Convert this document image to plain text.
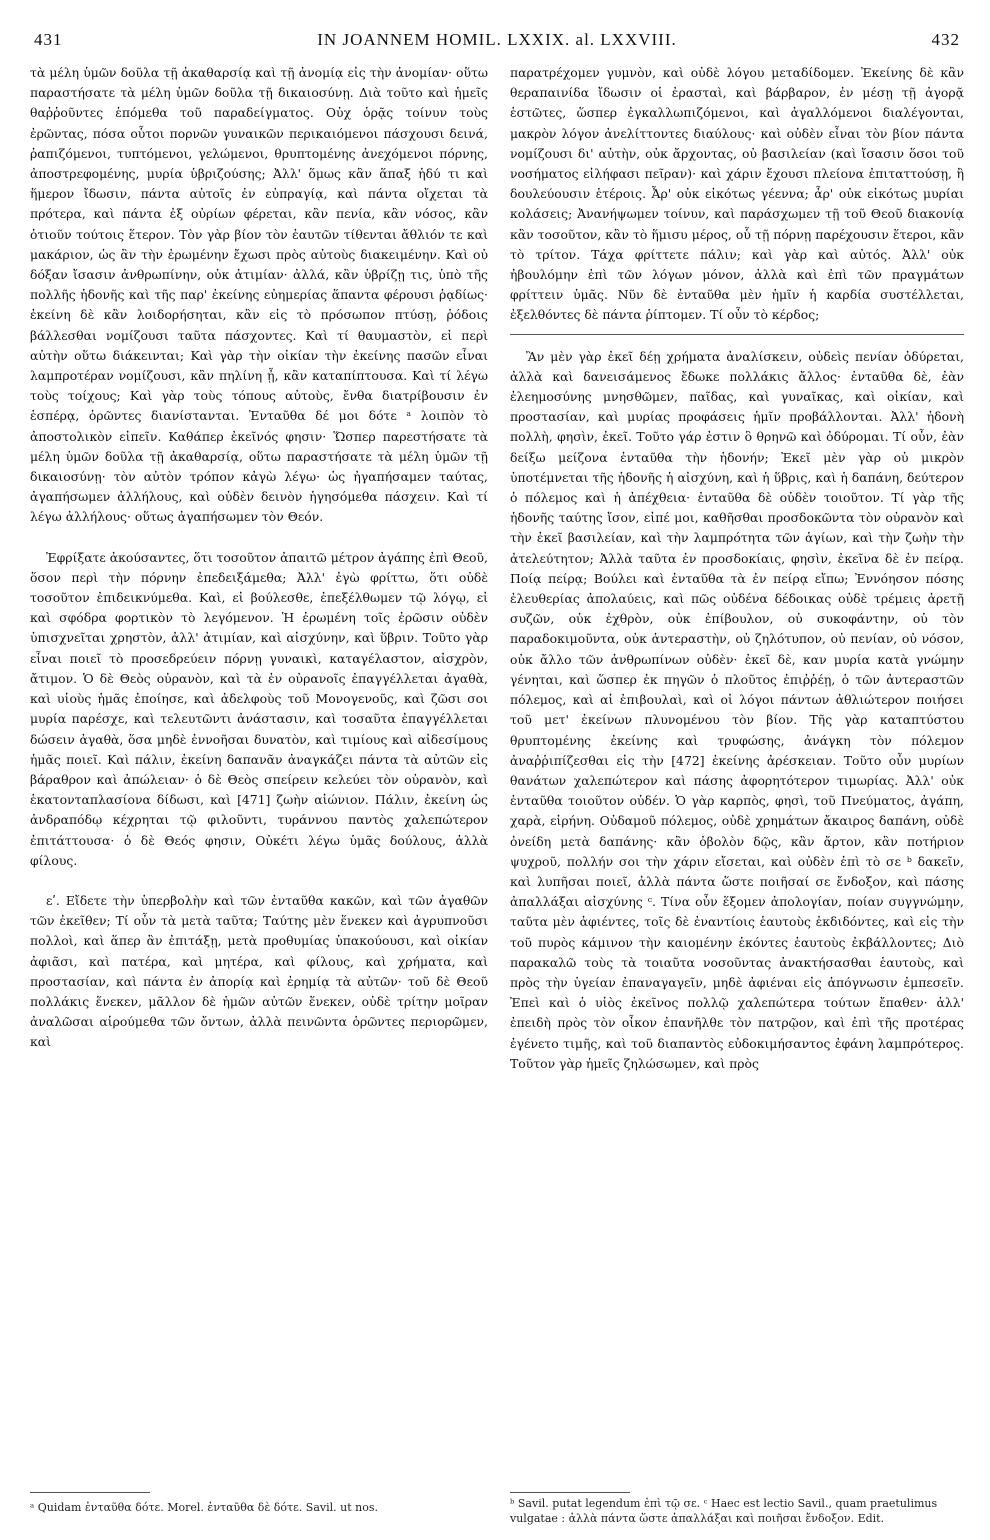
431	IN JOANNEM HOMIL. LXXIX. al. LXXVIII.	432

τὰ μέλη ὑμῶν δοῦλα τῇ ἀκαθαρσίᾳ καὶ τῇ ἀνομίᾳ εἰς τὴν ἀνομίαν· οὕτω παραστήσατε τὰ μέλη ὑμῶν δοῦλα τῇ δικαιοσύνῃ. Διὰ τοῦτο καὶ ἡμεῖς θαῤῥοῦντες ἑπόμεθα τοῦ παραδείγματος. Οὐχ ὁρᾷς τοίνυν τοὺς ἐρῶντας, πόσα οὗτοι πορνῶν γυναικῶν περικαιόμενοι πάσχουσι δεινά, ῥαπιζόμενοι, τυπτόμενοι, γελώμενοι, θρυπτομένης ἀνεχόμενοι πόρνης, ἀποστρεφομένης, μυρία ὑβριζούσης; Ἀλλ' ὅμως κἂν ἅπαξ ἡδύ τι καὶ ἥμερον ἴδωσιν, πάντα αὐτοῖς ἐν εὐπραγίᾳ, καὶ πάντα οἴχεται τὰ πρότερα, καὶ πάντα ἐξ οὐρίων φέρεται, κἂν πενία, κἂν νόσος, κἂν ὁτιοῦν τούτοις ἕτερον. Τὸν γὰρ βίον τὸν ἑαυτῶν τίθενται ἄθλιόν τε καὶ μακάριον, ὡς ἂν τὴν ἐρωμένην ἔχωσι πρὸς αὐτοὺς διακειμένην. Καὶ οὐ δόξαν ἴσασιν ἀνθρωπίνην, οὐκ ἀτιμίαν· ἀλλά, κἂν ὑβρίζῃ τις, ὑπὸ τῆς πολλῆς ἡδονῆς καὶ τῆς παρ' ἐκείνης εὐημερίας ἅπαντα φέρουσι ῥᾳδίως· ἐκείνη δὲ κἂν λοιδορήσηται, κἂν εἰς τὸ πρόσωπον πτύσῃ, ῥόδοις βάλλεσθαι νομίζουσι ταῦτα πάσχοντες. Καὶ τί θαυμαστὸν, εἰ περὶ αὐτὴν οὕτω διάκεινται; Καὶ γὰρ τὴν οἰκίαν τὴν ἐκείνης πασῶν εἶναι λαμπροτέραν νομίζουσι, κἂν πηλίνη ᾖ, κἂν καταπίπτουσα. Καὶ τί λέγω τοὺς τοίχους; Καὶ γὰρ τοὺς τόπους αὐτοὺς, ἔνθα διατρίβουσιν ἐν ἑσπέρᾳ, ὁρῶντες διανίστανται. Ἐνταῦθα δέ μοι δότε ᵃ λοιπὸν τὸ ἀποστολικὸν εἰπεῖν. Καθάπερ ἐκεῖνός φησιν· Ὥσπερ παρεστήσατε τὰ μέλη ὑμῶν δοῦλα τῇ ἀκαθαρσίᾳ, οὕτω παραστήσατε τὰ μέλη ὑμῶν τῇ δικαιοσύνῃ· τὸν αὐτὸν τρόπον κἀγὼ λέγω· ὡς ἠγαπήσαμεν ταύτας, ἀγαπήσωμεν ἀλλήλους, καὶ οὐδὲν δεινὸν ἡγησόμεθα πάσχειν. Καὶ τί λέγω ἀλλήλους· οὕτως ἀγαπήσωμεν τὸν Θεόν.

Ἐφρίξατε ἀκούσαντες, ὅτι τοσοῦτον ἀπαιτῶ μέτρον ἀγάπης ἐπὶ Θεοῦ, ὅσον περὶ τὴν πόρνην ἐπεδειξάμεθα; Ἀλλ' ἐγὼ φρίττω, ὅτι οὐδὲ τοσοῦτον ἐπιδεικνύμεθα. Καὶ, εἰ βούλεσθε, ἐπεξέλθωμεν τῷ λόγῳ, εἰ καὶ σφόδρα φορτικὸν τὸ λεγόμενον. Ἡ ἐρωμένη τοῖς ἐρῶσιν οὐδὲν ὑπισχνεῖται χρηστὸν, ἀλλ' ἀτιμίαν, καὶ αἰσχύνην, καὶ ὕβριν. Τοῦτο γὰρ εἶναι ποιεῖ τὸ προσεδρεύειν πόρνῃ γυναικὶ, καταγέλαστον, αἰσχρὸν, ἄτιμον. Ὁ δὲ Θεὸς οὐρανὸν, καὶ τὰ ἐν οὐρανοῖς ἐπαγγέλλεται ἀγαθὰ, καὶ υἱοὺς ἡμᾶς ἐποίησε, καὶ ἀδελφοὺς τοῦ Μονογενοῦς, καὶ ζῶσι σοι μυρία παρέσχε, καὶ τελευτῶντι ἀνάστασιν, καὶ τοσαῦτα ἐπαγγέλλεται δώσειν ἀγαθὰ, ὅσα μηδὲ ἐννοῆσαι δυνατὸν, καὶ τιμίους καὶ αἰδεσίμους ἡμᾶς ποιεῖ. Καὶ πάλιν, ἐκείνη δαπανᾶν ἀναγκάζει πάντα τὰ αὐτῶν εἰς βάραθρον καὶ ἀπώλειαν· ὁ δὲ Θεὸς σπείρειν κελεύει τὸν οὐρανὸν, καὶ ἑκατονταπλασίονα δίδωσι, καὶ [471] ζωὴν αἰώνιον. Πάλιν, ἐκείνη ὡς ἀνδραπόδῳ κέχρηται τῷ φιλοῦντι, τυράννου παντὸς χαλεπώτερον ἐπιτάττουσα· ὁ δὲ Θεός φησιν, Οὐκέτι λέγω ὑμᾶς δούλους, ἀλλὰ φίλους.

εʹ. Εἴδετε τὴν ὑπερβολὴν καὶ τῶν ἐνταῦθα κακῶν, καὶ τῶν ἀγαθῶν τῶν ἐκεῖθεν; Τί οὖν τὰ μετὰ ταῦτα; Ταύτης μὲν ἕνεκεν καὶ ἀγρυπνοῦσι πολλοὶ, καὶ ἅπερ ἂν ἐπιτάξῃ, μετὰ προθυμίας ὑπακούουσι, καὶ οἰκίαν ἀφιᾶσι, καὶ πατέρα, καὶ μητέρα, καὶ φίλους, καὶ χρήματα, καὶ προστασίαν, καὶ πάντα ἐν ἀπορίᾳ καὶ ἐρημίᾳ τὰ αὐτῶν· τοῦ δὲ Θεοῦ πολλάκις ἕνεκεν, μᾶλλον δὲ ἡμῶν αὐτῶν ἕνεκεν, οὐδὲ τρίτην μοῖραν ἀναλῶσαι αἱρούμεθα τῶν ὄντων, ἀλλὰ πεινῶντα ὁρῶντες περιορῶμεν, καὶ

παρατρέχομεν γυμνὸν, καὶ οὐδὲ λόγου μεταδίδομεν. Ἐκείνης δὲ κἂν θεραπαινίδα ἴδωσιν οἱ ἐρασταὶ, καὶ βάρβαρον, ἐν μέσῃ τῇ ἀγορᾷ ἑστῶτες, ὥσπερ ἐγκαλλωπιζόμενοι, καὶ ἀγαλλόμενοι διαλέγονται, μακρὸν λόγον ἀνελίττοντες διαύλους· καὶ οὐδὲν εἶναι τὸν βίον πάντα νομίζουσι δι' αὐτὴν, οὐκ ἄρχοντας, οὐ βασιλείαν (καὶ ἴσασιν ὅσοι τοῦ νοσήματος εἰλήφασι πεῖραν)· καὶ χάριν ἔχουσι πλείονα ἐπιταττούσῃ, ἢ δουλεύουσιν ἑτέροις. Ἆρ' οὐκ εἰκότως γέεννα; ἆρ' οὐκ εἰκότως μυρίαι κολάσεις; Ἀνανήψωμεν τοίνυν, καὶ παράσχωμεν τῇ τοῦ Θεοῦ διακονίᾳ κἂν τοσοῦτον, κἂν τὸ ἥμισυ μέρος, οὗ τῇ πόρνῃ παρέχουσιν ἕτεροι, κἂν τὸ τρίτον. Τάχα φρίττετε πάλιν; καὶ γὰρ καὶ αὐτός. Ἀλλ' οὐκ ἠβουλόμην ἐπὶ τῶν λόγων μόνον, ἀλλὰ καὶ ἐπὶ τῶν πραγμάτων φρίττειν ὑμᾶς. Νῦν δὲ ἐνταῦθα μὲν ἡμῖν ἡ καρδία συστέλλεται, ἐξελθόντες δὲ πάντα ῥίπτομεν. Τί οὖν τὸ κέρδος;

Ἂν μὲν γὰρ ἐκεῖ δέῃ χρήματα ἀναλίσκειν, οὐδεὶς πενίαν ὀδύρεται, ἀλλὰ καὶ δανεισάμενος ἔδωκε πολλάκις ἄλλος· ἐνταῦθα δὲ, ἐὰν ἐλεημοσύνης μνησθῶμεν, παῖδας, καὶ γυναῖκας, καὶ οἰκίαν, καὶ προστασίαν, καὶ μυρίας προφάσεις ἡμῖν προβάλλονται. Ἀλλ' ἡδονὴ πολλὴ, φησὶν, ἐκεῖ. Τοῦτο γάρ ἐστιν ὃ θρηνῶ καὶ ὀδύρομαι. Τί οὖν, ἐὰν δείξω μείζονα ἐνταῦθα τὴν ἡδονήν; Ἐκεῖ μὲν γὰρ οὐ μικρὸν ὑποτέμνεται τῆς ἡδονῆς ἡ αἰσχύνη, καὶ ἡ ὕβρις, καὶ ἡ δαπάνη, δεύτερον ὁ πόλεμος καὶ ἡ ἀπέχθεια· ἐνταῦθα δὲ οὐδὲν τοιοῦτον. Τί γὰρ τῆς ἡδονῆς ταύτης ἴσον, εἰπέ μοι, καθῆσθαι προσδοκῶντα τὸν οὐρανὸν καὶ τὴν ἐκεῖ βασιλείαν, καὶ τὴν λαμπρότητα τῶν ἁγίων, καὶ τὴν ζωὴν τὴν ἀτελεύτητον; Ἀλλὰ ταῦτα ἐν προσδοκίαις, φησὶν, ἐκεῖνα δὲ ἐν πείρᾳ. Ποίᾳ πείρᾳ; Βούλει καὶ ἐνταῦθα τὰ ἐν πείρᾳ εἴπω; Ἐννόησον πόσης ἐλευθερίας ἀπολαύεις, καὶ πῶς οὐδένα δέδοικας οὐδὲ τρέμεις ἀρετῇ συζῶν, οὐκ ἐχθρὸν, οὐκ ἐπίβουλον, οὐ συκοφάντην, οὐ τὸν παραδοκιμοῦντα, οὐκ ἀντεραστὴν, οὐ ζηλότυπον, οὐ πενίαν, οὐ νόσον, οὐκ ἄλλο τῶν ἀνθρωπίνων οὐδὲν· ἐκεῖ δὲ, καν μυρία κατὰ γνώμην γένηται, καὶ ὥσπερ ἐκ πηγῶν ὁ πλοῦτος ἐπιῤῥέῃ, ὁ τῶν ἀντεραστῶν πόλεμος, καὶ αἱ ἐπιβουλαὶ, καὶ οἱ λόγοι πάντων ἀθλιώτερον ποιήσει τοῦ μετ' ἐκείνων πλυνομένου τὸν βίον. Τῆς γὰρ καταπτύστου θρυπτομένης ἐκείνης καὶ τρυφώσης, ἀνάγκη τὸν πόλεμον ἀναῤῥιπίζεσθαι εἰς τὴν [472] ἐκείνης ἀρέσκειαν. Τοῦτο οὖν μυρίων θανάτων χαλεπώτερον καὶ πάσης ἀφορητότερον τιμωρίας. Ἀλλ' οὐκ ἐνταῦθα τοιοῦτον οὐδέν. Ὁ γὰρ καρπὸς, φησὶ, τοῦ Πνεύματος, ἀγάπη, χαρὰ, εἰρήνη. Οὐδαμοῦ πόλεμος, οὐδὲ χρημάτων ἄκαιρος δαπάνη, οὐδὲ ὀνείδη μετὰ δαπάνης· κἂν ὀβολὸν δῷς, κἂν ἄρτον, κἂν ποτήριον ψυχροῦ, πολλήν σοι τὴν χάριν εἴσεται, καὶ οὐδὲν ἐπὶ τὸ σε ᵇ δακεῖν, καὶ λυπῆσαι ποιεῖ, ἀλλὰ πάντα ὥστε ποιῆσαί σε ἔνδοξον, καὶ πάσης ἀπαλλάξαι αἰσχύνης ᶜ. Τίνα οὖν ἕξομεν ἀπολογίαν, ποίαν συγγνώμην, ταῦτα μὲν ἀφιέντες, τοῖς δὲ ἐναντίοις ἑαυτοὺς ἐκδιδόντες, καὶ εἰς τὴν τοῦ πυρὸς κάμινον τὴν καιομένην ἑκόντες ἑαυτοὺς ἐκβάλλοντες; Διὸ παρακαλῶ τοὺς τὰ τοιαῦτα νοσοῦντας ἀνακτήσασθαι ἑαυτοὺς, καὶ πρὸς τὴν ὑγείαν ἐπαναγαγεῖν, μηδὲ ἀφιέναι εἰς ἀπόγνωσιν ἐμπεσεῖν. Ἐπεὶ καὶ ὁ υἱὸς ἐκεῖνος πολλῷ χαλεπώτερα τούτων ἔπαθεν· ἀλλ' ἐπειδὴ πρὸς τὸν οἶκον ἐπανῆλθε τὸν πατρῷον, καὶ ἐπὶ τῆς προτέρας ἐγένετο τιμῆς, καὶ τοῦ διαπαντὸς εὐδοκιμήσαντος ἐφάνη λαμπρότερος. Τοῦτον γὰρ ἡμεῖς ζηλώσωμεν, καὶ πρὸς

ᵃ Quidam ἐνταῦθα δότε. Morel. ἐνταῦθα δὲ δότε. Savil. ut nos.	ᵇ Savil. putat legendum ἐπὶ τῷ σε. ᶜ Haec est lectio Savil., quam praetulimus vulgatae : ἀλλὰ πάντα ὥστε ἀπαλλάξαι καὶ ποιῆσαι ἔνδοξον. Edit.
